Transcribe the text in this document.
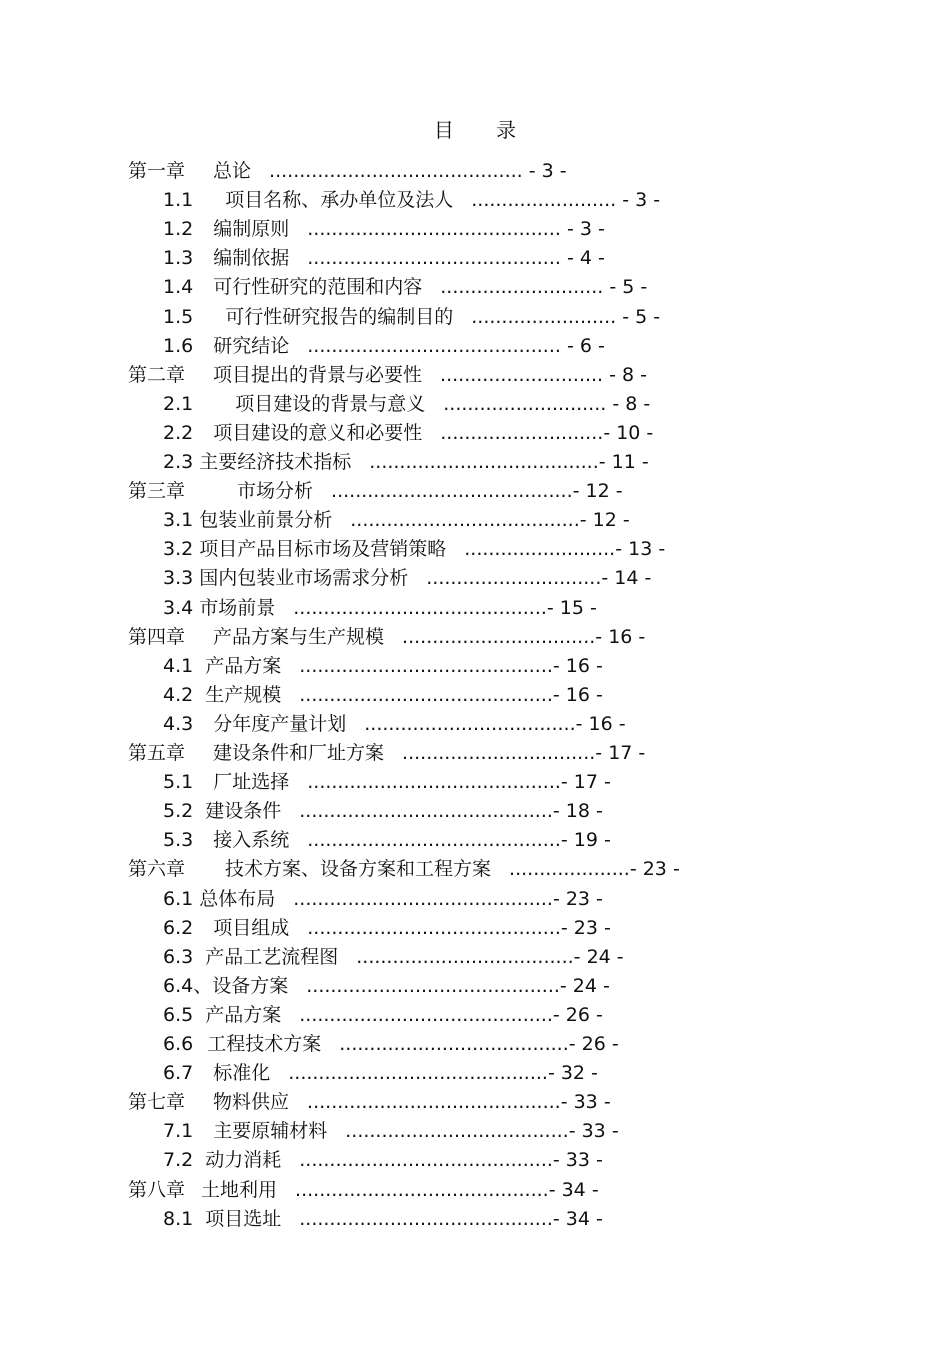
目 录
第一章 总论 .......................................... - 3 -
1.1 项目名称、承办单位及法人 ........................ - 3 -
1.2 编制原则 .......................................... - 3 -
1.3 编制依据 .......................................... - 4 -
1.4 可行性研究的范围和内容 ........................... - 5 -
1.5 可行性研究报告的编制目的 ........................ - 5 -
1.6 研究结论 .......................................... - 6 -
第二章 项目提出的背景与必要性 ........................... - 8 -
2.1 项目建设的背景与意义 ........................... - 8 -
2.2 项目建设的意义和必要性 ...........................- 10 -
2.3 主要经济技术指标 ......................................- 11 -
第三章	市场分析 ........................................- 12 -
3.1 包装业前景分析 ......................................- 12 -
3.2 项目产品目标市场及营销策略 .........................- 13 -
3.3 国内包装业市场需求分析 .............................- 14 -
3.4 市场前景 ..........................................- 15 -
第四章 产品方案与生产规模 ................................- 16 -
4.1 产品方案 ..........................................- 16 -
4.2 生产规模 ..........................................- 16 -
4.3 分年度产量计划 ...................................- 16 -
第五章 建设条件和厂址方案 ................................- 17 -
5.1 厂址选择 ..........................................- 17 -
5.2 建设条件 ..........................................- 18 -
5.3 接入系统 ..........................................- 19 -
第六章 技术方案、设备方案和工程方案 ....................- 23 -
6.1 总体布局 ...........................................- 23 -
6.2 项目组成 ..........................................- 23 -
6.3 产品工艺流程图 ....................................- 24 -
6.4、设备方案 ..........................................- 24 -
6.5 产品方案 ..........................................- 26 -
6.6 工程技术方案 ......................................- 26 -
6.7 标准化 ...........................................- 32 -
第七章 物料供应 ..........................................- 33 -
7.1 主要原辅材料 .....................................- 33 -
7.2 动力消耗 ..........................................- 33 -
第八章 土地利用 ..........................................- 34 -
8.1 项目选址 ..........................................- 34 -
